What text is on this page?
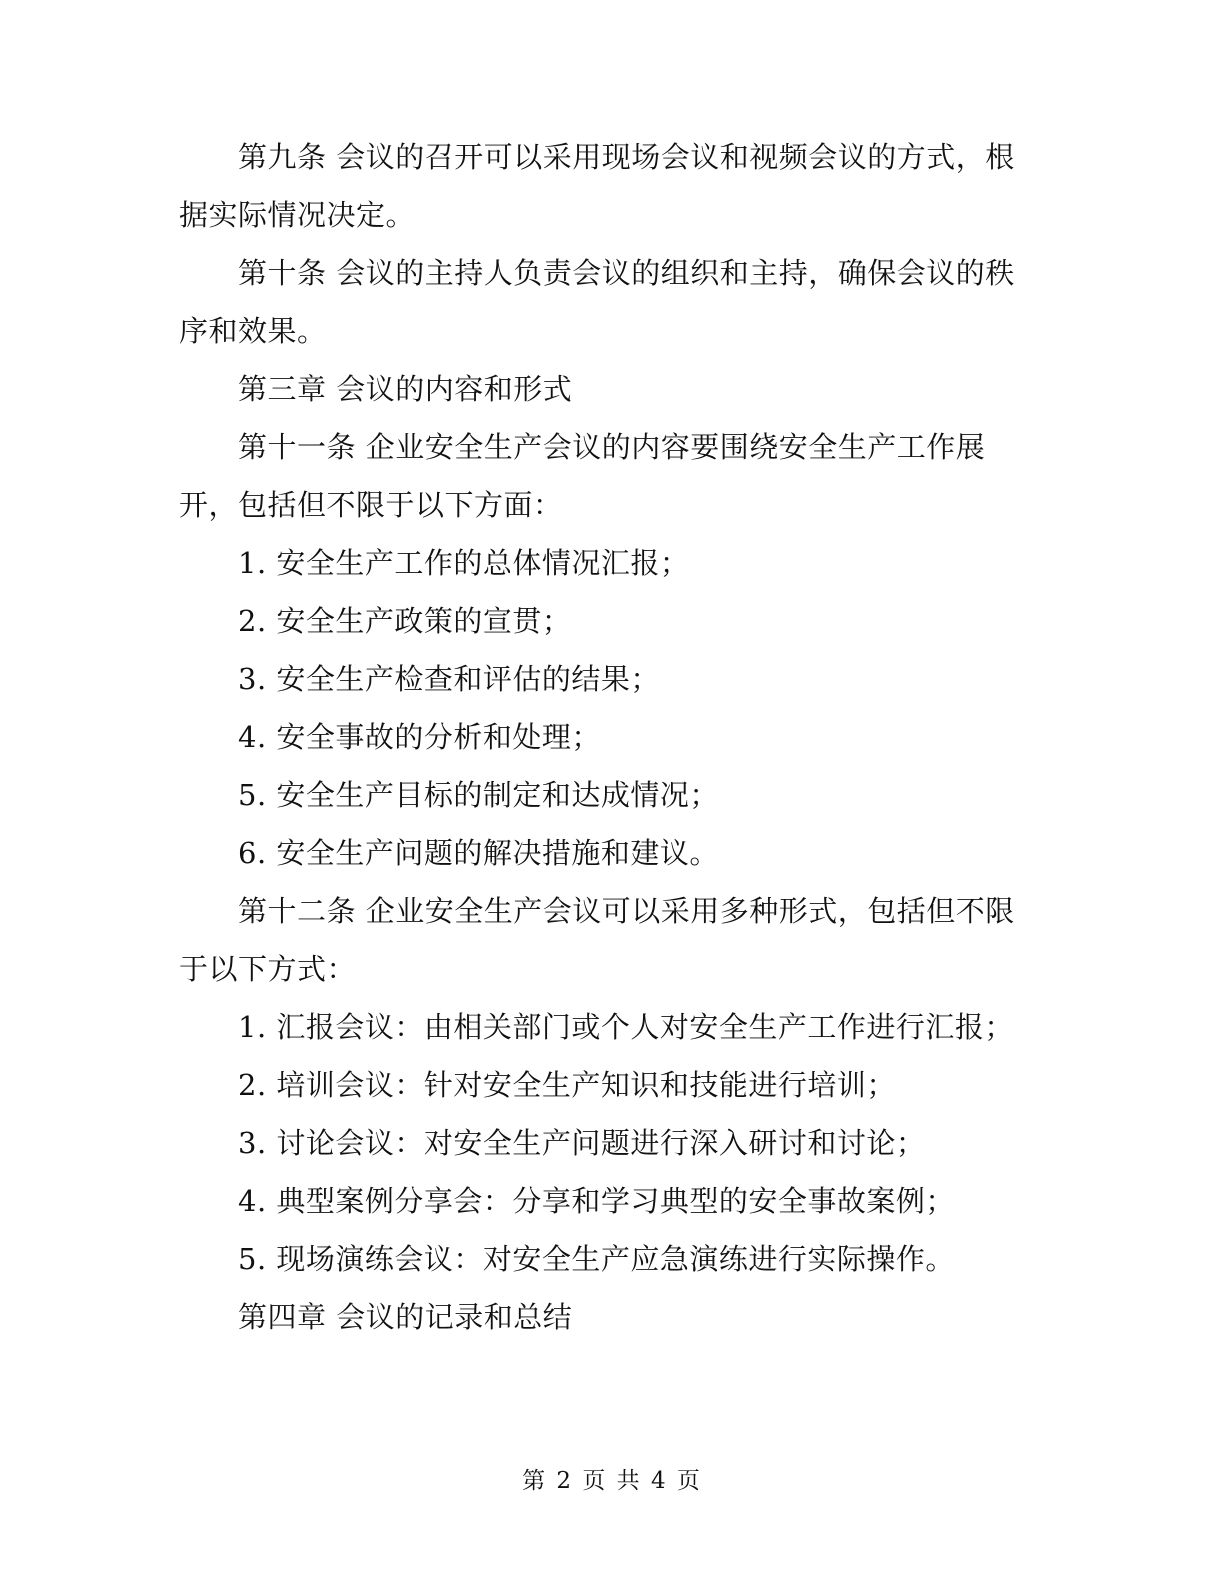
第九条 会议的召开可以采用现场会议和视频会议的方式，根

据实际情况决定。

第十条 会议的主持人负责会议的组织和主持，确保会议的秩

序和效果。

第三章 会议的内容和形式

第十一条 企业安全生产会议的内容要围绕安全生产工作展

开，包括但不限于以下方面：

1. 安全生产工作的总体情况汇报；

2. 安全生产政策的宣贯；

3. 安全生产检查和评估的结果；

4. 安全事故的分析和处理；

5. 安全生产目标的制定和达成情况；

6. 安全生产问题的解决措施和建议。

第十二条 企业安全生产会议可以采用多种形式，包括但不限

于以下方式：

1. 汇报会议：由相关部门或个人对安全生产工作进行汇报；

2. 培训会议：针对安全生产知识和技能进行培训；

3. 讨论会议：对安全生产问题进行深入研讨和讨论；

4. 典型案例分享会：分享和学习典型的安全事故案例；

5. 现场演练会议：对安全生产应急演练进行实际操作。

第四章 会议的记录和总结

第 2 页 共 4 页
